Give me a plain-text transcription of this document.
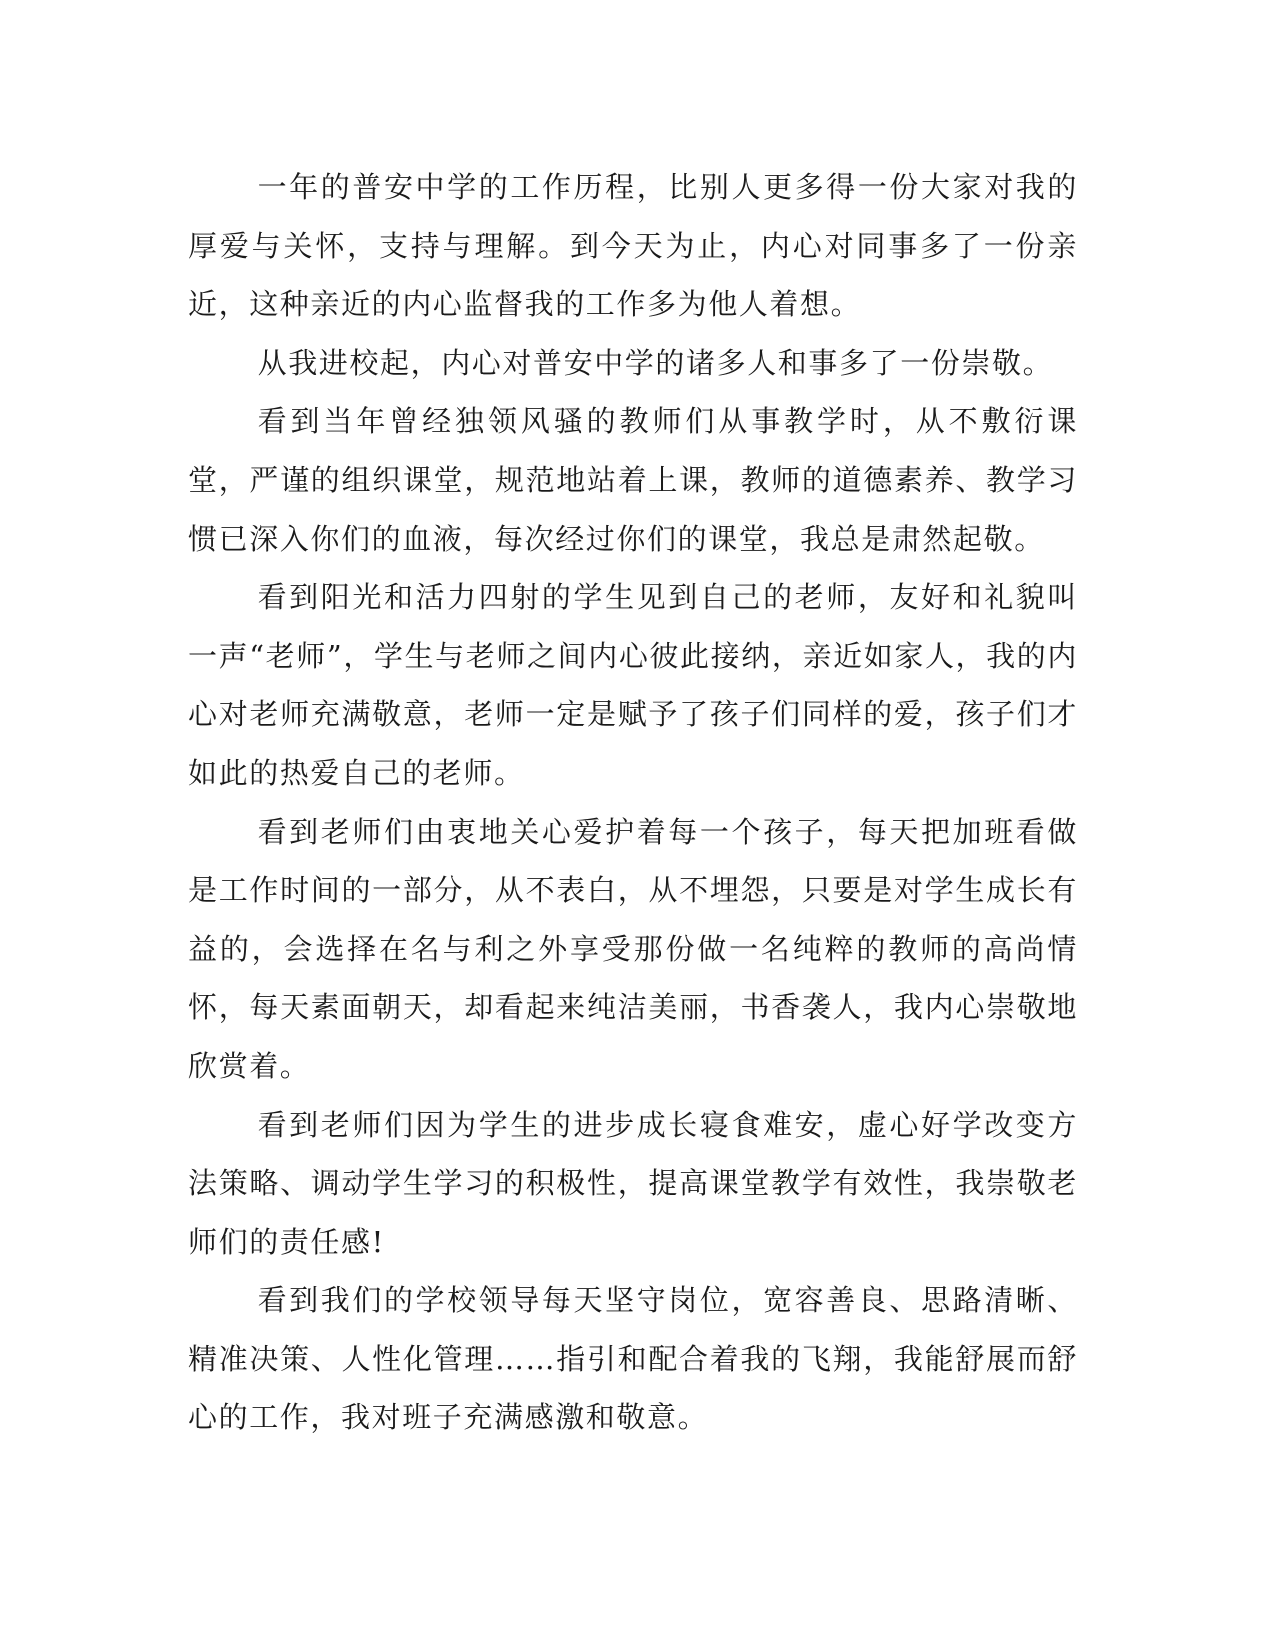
一年的普安中学的工作历程，比别人更多得一份大家对我的厚爱与关怀，支持与理解。到今天为止，内心对同事多了一份亲近，这种亲近的内心监督我的工作多为他人着想。

从我进校起，内心对普安中学的诸多人和事多了一份崇敬。

看到当年曾经独领风骚的教师们从事教学时，从不敷衍课堂，严谨的组织课堂，规范地站着上课，教师的道德素养、教学习惯已深入你们的血液，每次经过你们的课堂，我总是肃然起敬。

看到阳光和活力四射的学生见到自己的老师，友好和礼貌叫一声“老师”，学生与老师之间内心彼此接纳，亲近如家人，我的内心对老师充满敬意，老师一定是赋予了孩子们同样的爱，孩子们才如此的热爱自己的老师。

看到老师们由衷地关心爱护着每一个孩子，每天把加班看做是工作时间的一部分，从不表白，从不埋怨，只要是对学生成长有益的，会选择在名与利之外享受那份做一名纯粹的教师的高尚情怀，每天素面朝天，却看起来纯洁美丽，书香袭人，我内心崇敬地欣赏着。

看到老师们因为学生的进步成长寝食难安，虚心好学改变方法策略、调动学生学习的积极性，提高课堂教学有效性，我崇敬老师们的责任感!

看到我们的学校领导每天坚守岗位，宽容善良、思路清晰、精准决策、人性化管理……指引和配合着我的飞翔，我能舒展而舒心的工作，我对班子充满感激和敬意。
